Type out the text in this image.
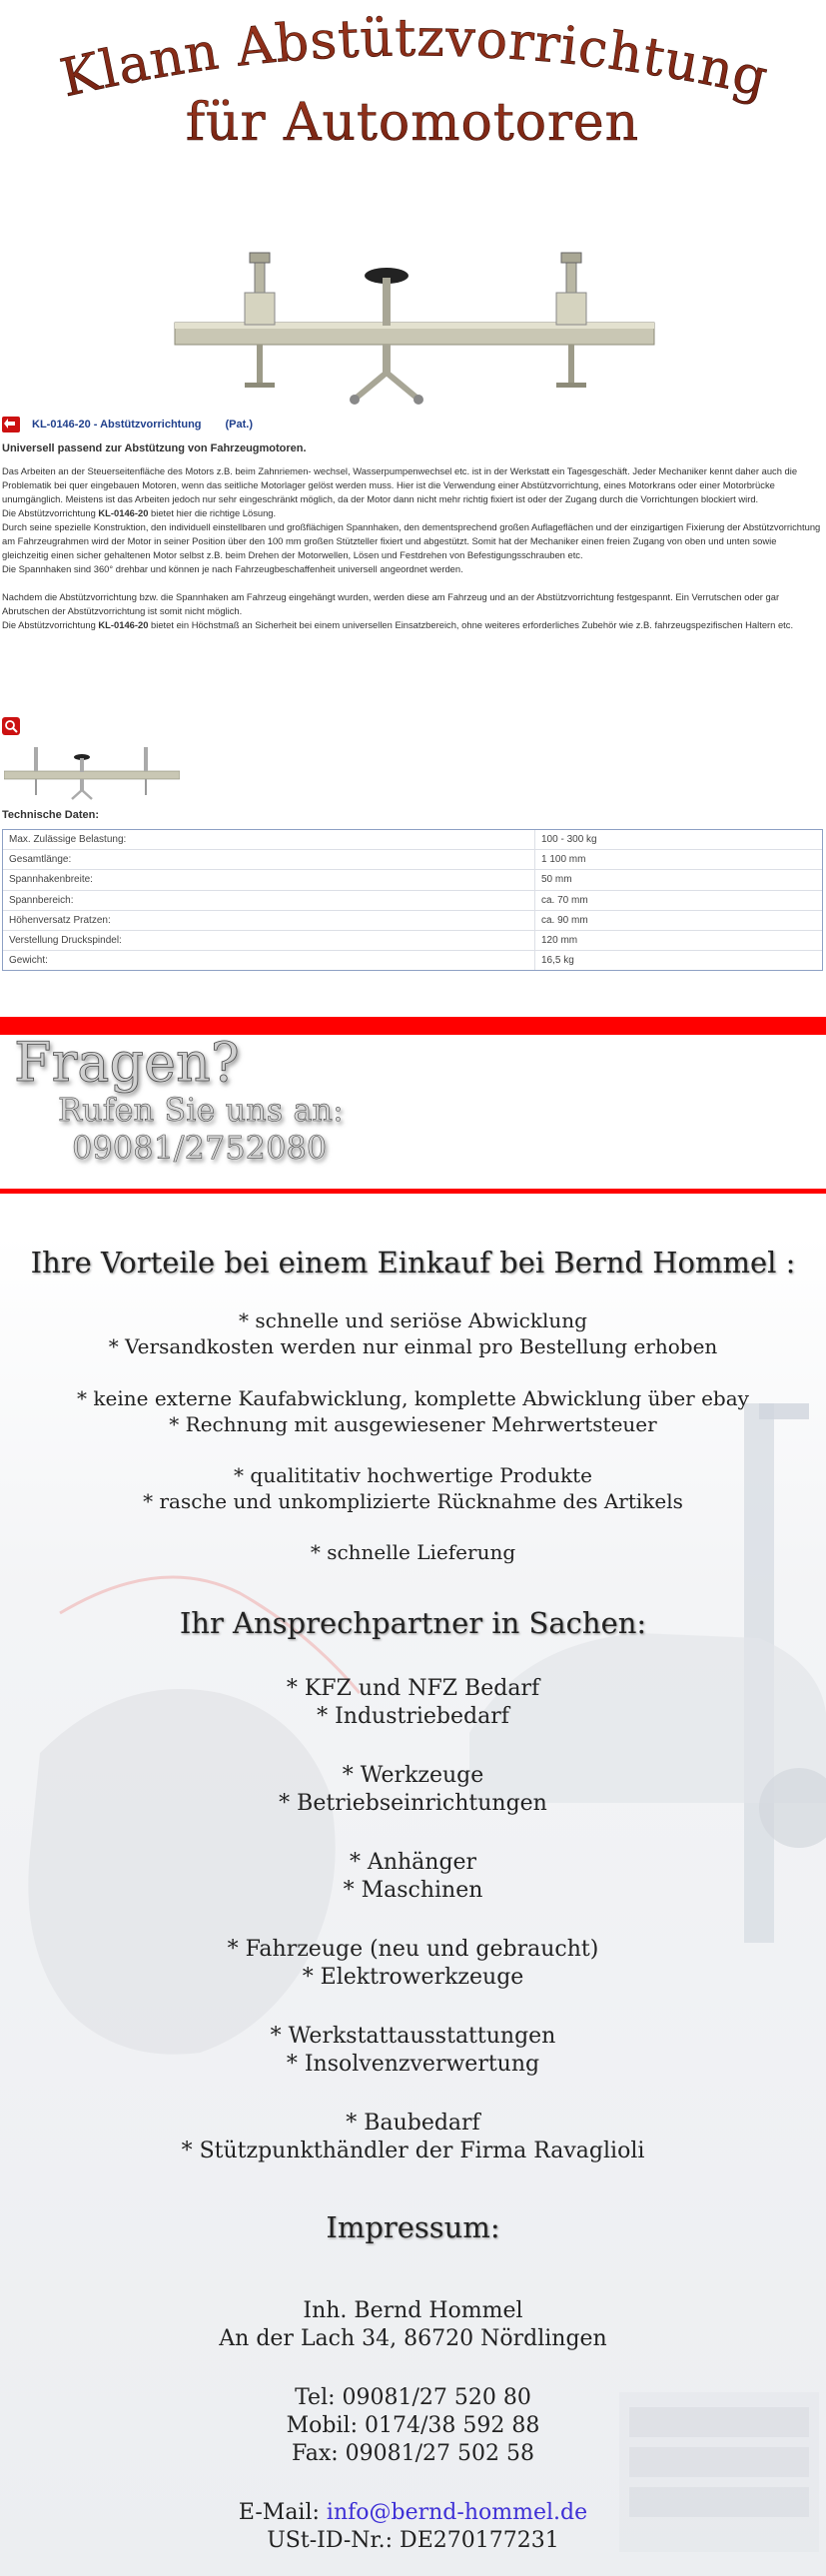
Klann Abstützvorrichtung
für Automotoren
KL-0146-20 - Abstützvorrichtung (Pat.)
Universell passend zur Abstützung von Fahrzeugmotoren.

Das Arbeiten an der Steuerseitenfläche des Motors z.B. beim Zahnriemen- wechsel, Wasserpumpenwechsel etc. ist in der Werkstatt ein Tagesgeschäft. Jeder Mechaniker kennt daher auch die Problematik bei quer eingebauen Motoren, wenn das seitliche Motorlager gelöst werden muss. Hier ist die Verwendung einer Abstützvorrichtung, eines Motorkrans oder einer Motorbrücke unumgänglich. Meistens ist das Arbeiten jedoch nur sehr eingeschränkt möglich, da der Motor dann nicht mehr richtig fixiert ist oder der Zugang durch die Vorrichtungen blockiert wird.

Die Abstützvorrichtung KL-0146-20 bietet hier die richtige Lösung.

Durch seine spezielle Konstruktion, den individuell einstellbaren und großflächigen Spannhaken, den dementsprechend großen Auflageflächen und der einzigartigen Fixierung der Abstützvorrichtung am Fahrzeugrahmen wird der Motor in seiner Position über den 100 mm großen Stützteller fixiert und abgestützt. Somit hat der Mechaniker einen freien Zugang von oben und unten sowie gleichzeitig einen sicher gehaltenen Motor selbst z.B. beim Drehen der Motorwellen, Lösen und Festdrehen von Befestigungsschrauben etc.

Die Spannhaken sind 360° drehbar und können je nach Fahrzeugbeschaffenheit universell angeordnet werden.

Nachdem die Abstützvorrichtung bzw. die Spannhaken am Fahrzeug eingehängt wurden, werden diese am Fahrzeug und an der Abstützvorrichtung festgespannt. Ein Verrutschen oder gar Abrutschen der Abstützvorrichtung ist somit nicht möglich.

Die Abstützvorrichtung KL-0146-20 bietet ein Höchstmaß an Sicherheit bei einem universellen Einsatzbereich, ohne weiteres erforderliches Zubehör wie z.B. fahrzeugspezifischen Haltern etc.

Technische Daten:
Max. Zulässige Belastung:	100 - 300 kg
Gesamtlänge:	1 100 mm
Spannhakenbreite:	50 mm
Spannbereich:	ca. 70 mm
Höhenversatz Pratzen:	ca. 90 mm
Verstellung Druckspindel:	120 mm
Gewicht:	16,5 kg
Fragen?
Rufen Sie uns an:
09081/2752080
Ihre Vorteile bei einem Einkauf bei Bernd Hommel :
* schnelle und seriöse Abwicklung
* Versandkosten werden nur einmal pro Bestellung erhoben
* keine externe Kaufabwicklung, komplette Abwicklung über ebay
* Rechnung mit ausgewiesener Mehrwertsteuer
* qualititativ hochwertige Produkte
* rasche und unkomplizierte Rücknahme des Artikels
* schnelle Lieferung
Ihr Ansprechpartner in Sachen:
* KFZ und NFZ Bedarf
* Industriebedarf
* Werkzeuge
* Betriebseinrichtungen
* Anhänger
* Maschinen
* Fahrzeuge (neu und gebraucht)
* Elektrowerkzeuge
* Werkstattausstattungen
* Insolvenzverwertung
* Baubedarf
* Stützpunkthändler der Firma Ravaglioli
Impressum:
Inh. Bernd Hommel
An der Lach 34, 86720 Nördlingen
Tel: 09081/27 520 80
Mobil: 0174/38 592 88
Fax: 09081/27 502 58
E-Mail: info@bernd-hommel.de
USt-ID-Nr.: DE270177231
